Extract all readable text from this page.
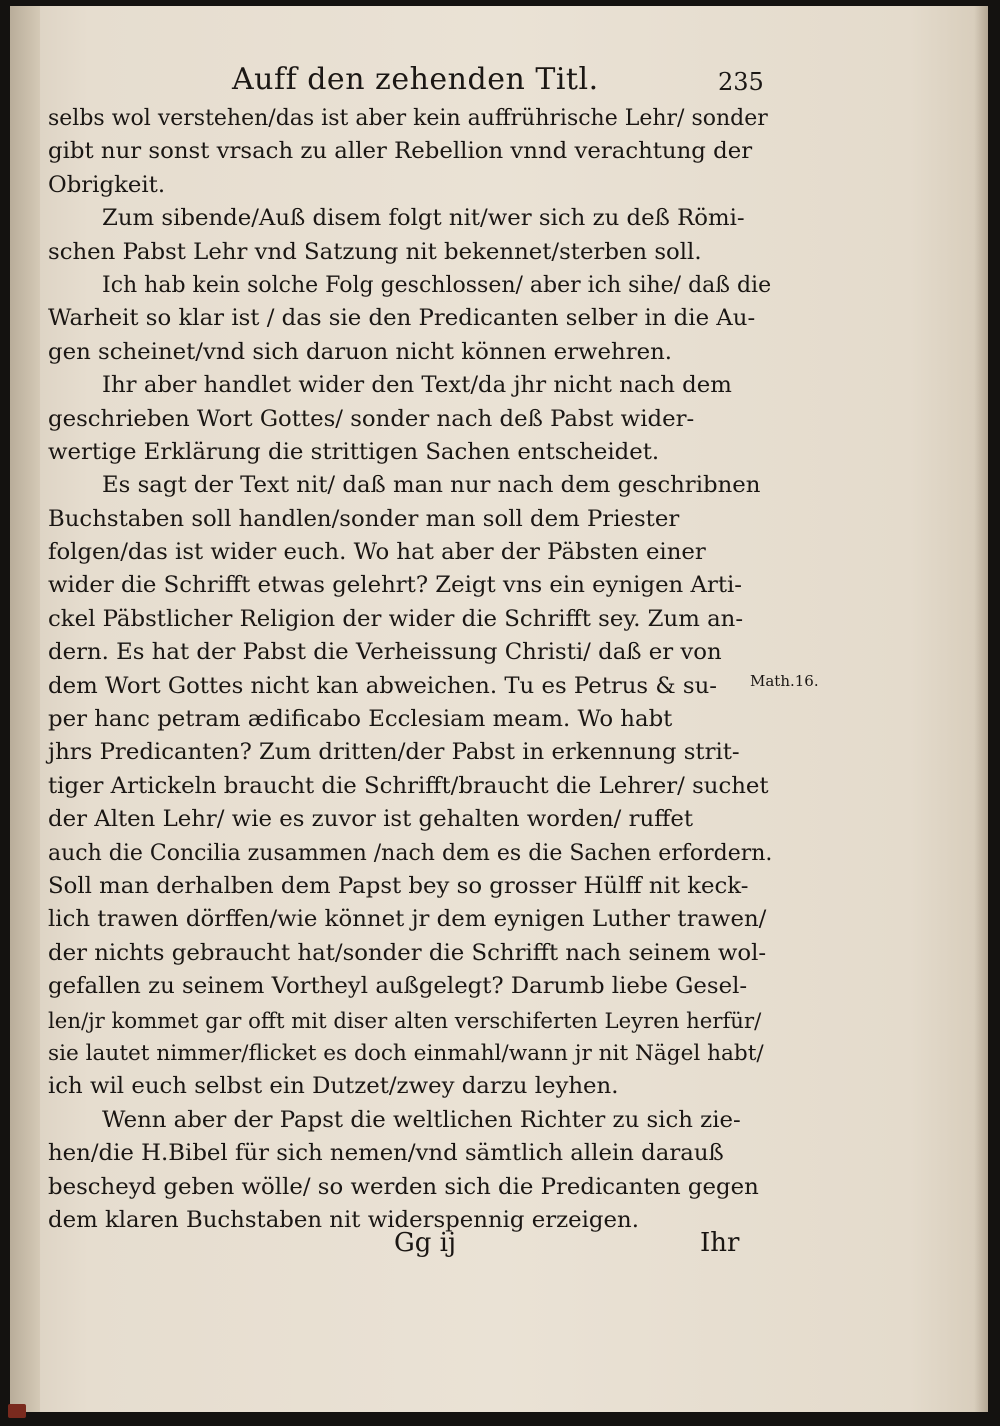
Auff den zehenden Titl.	235
selbs wol verstehen/das ist aber kein auffrührische Lehr/ sonder
gibt nur sonst vrsach zu aller Rebellion vnnd verachtung der
Obrigkeit.
Zum sibende/Auß disem folgt nit/wer sich zu deß Römi-
schen Pabst Lehr vnd Satzung nit bekennet/sterben soll.
Ich hab kein solche Folg geschlossen/ aber ich sihe/ daß die
Warheit so klar ist / das sie den Predicanten selber in die Au-
gen scheinet/vnd sich daruon nicht können erwehren.
Ihr aber handlet wider den Text/da jhr nicht nach dem
geschrieben Wort Gottes/ sonder nach deß Pabst wider-
wertige Erklärung die strittigen Sachen entscheidet.
Es sagt der Text nit/ daß man nur nach dem geschribnen
Buchstaben soll handlen/sonder man soll dem Priester
folgen/das ist wider euch. Wo hat aber der Päbsten einer
wider die Schrifft etwas gelehrt? Zeigt vns ein eynigen Arti-
ckel Päbstlicher Religion der wider die Schrifft sey. Zum an-
dern. Es hat der Pabst die Verheissung Christi/ daß er von
dem Wort Gottes nicht kan abweichen. Tu es Petrus & su-
per hanc petram ædificabo Ecclesiam meam. Wo habt
jhrs Predicanten? Zum dritten/der Pabst in erkennung strit-
tiger Artickeln braucht die Schrifft/braucht die Lehrer/ suchet
der Alten Lehr/ wie es zuvor ist gehalten worden/ ruffet
auch die Concilia zusammen /nach dem es die Sachen erfordern.
Soll man derhalben dem Papst bey so grosser Hülff nit keck-
lich trawen dörffen/wie könnet jr dem eynigen Luther trawen/
der nichts gebraucht hat/sonder die Schrifft nach seinem wol-
gefallen zu seinem Vortheyl außgelegt? Darumb liebe Gesel-
len/jr kommet gar offt mit diser alten verschiferten Leyren herfür/
sie lautet nimmer/flicket es doch einmahl/wann jr nit Nägel habt/
ich wil euch selbst ein Dutzet/zwey darzu leyhen.
Wenn aber der Papst die weltlichen Richter zu sich zie-
hen/die H.Bibel für sich nemen/vnd sämtlich allein darauß
bescheyd geben wölle/ so werden sich die Predicanten gegen
dem klaren Buchstaben nit widerspennig erzeigen.
Math.16.
Gg ij	Ihr
